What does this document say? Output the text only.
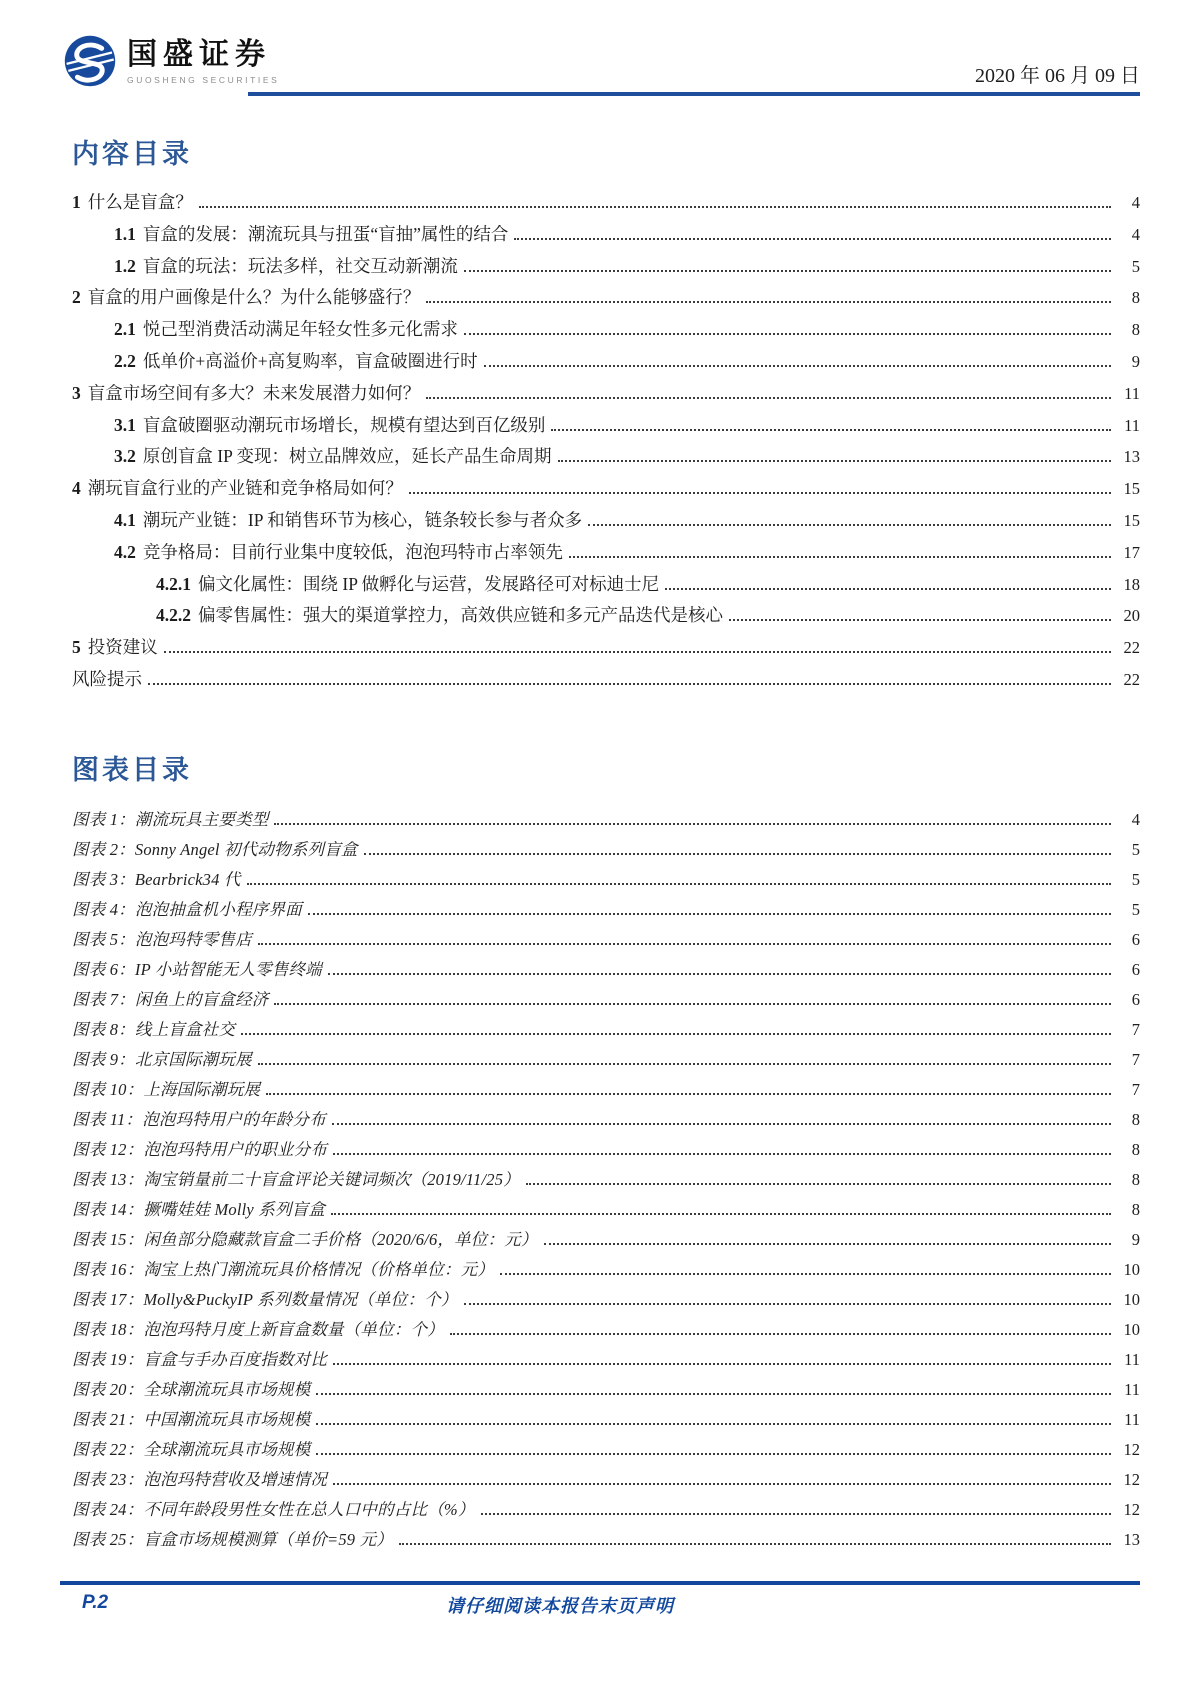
国盛证券
GUOSHENG SECURITIES	2020 年 06 月 09 日
内容目录
1 什么是盲盒？	4
1.1 盲盒的发展：潮流玩具与扭蛋“盲抽”属性的结合	4
1.2 盲盒的玩法：玩法多样，社交互动新潮流	5
2 盲盒的用户画像是什么？为什么能够盛行？	8
2.1 悦己型消费活动满足年轻女性多元化需求	8
2.2 低单价+高溢价+高复购率，盲盒破圈进行时	9
3 盲盒市场空间有多大？未来发展潜力如何？	11
3.1 盲盒破圈驱动潮玩市场增长，规模有望达到百亿级别	11
3.2 原创盲盒 IP 变现：树立品牌效应，延长产品生命周期	13
4 潮玩盲盒行业的产业链和竞争格局如何？	15
4.1 潮玩产业链：IP 和销售环节为核心，链条较长参与者众多	15
4.2 竞争格局：目前行业集中度较低，泡泡玛特市占率领先	17
4.2.1 偏文化属性：围绕 IP 做孵化与运营，发展路径可对标迪士尼	18
4.2.2 偏零售属性：强大的渠道掌控力，高效供应链和多元产品迭代是核心	20
5 投资建议	22
风险提示	22
图表目录
图表 1：潮流玩具主要类型	4
图表 2：Sonny Angel 初代动物系列盲盒	5
图表 3：Bearbrick34 代	5
图表 4：泡泡抽盒机小程序界面	5
图表 5：泡泡玛特零售店	6
图表 6：IP 小站智能无人零售终端	6
图表 7：闲鱼上的盲盒经济	6
图表 8：线上盲盒社交	7
图表 9：北京国际潮玩展	7
图表 10：上海国际潮玩展	7
图表 11：泡泡玛特用户的年龄分布	8
图表 12：泡泡玛特用户的职业分布	8
图表 13：淘宝销量前二十盲盒评论关键词频次（2019/11/25）	8
图表 14：撅嘴娃娃 Molly 系列盲盒	8
图表 15：闲鱼部分隐藏款盲盒二手价格（2020/6/6，单位：元）	9
图表 16：淘宝上热门潮流玩具价格情况（价格单位：元）	10
图表 17：Molly&PuckyIP 系列数量情况（单位：个）	10
图表 18：泡泡玛特月度上新盲盒数量（单位：个）	10
图表 19：盲盒与手办百度指数对比	11
图表 20：全球潮流玩具市场规模	11
图表 21：中国潮流玩具市场规模	11
图表 22：全球潮流玩具市场规模	12
图表 23：泡泡玛特营收及增速情况	12
图表 24：不同年龄段男性女性在总人口中的占比（%）	12
图表 25：盲盒市场规模测算（单价=59 元）	13
P.2	请仔细阅读本报告末页声明
